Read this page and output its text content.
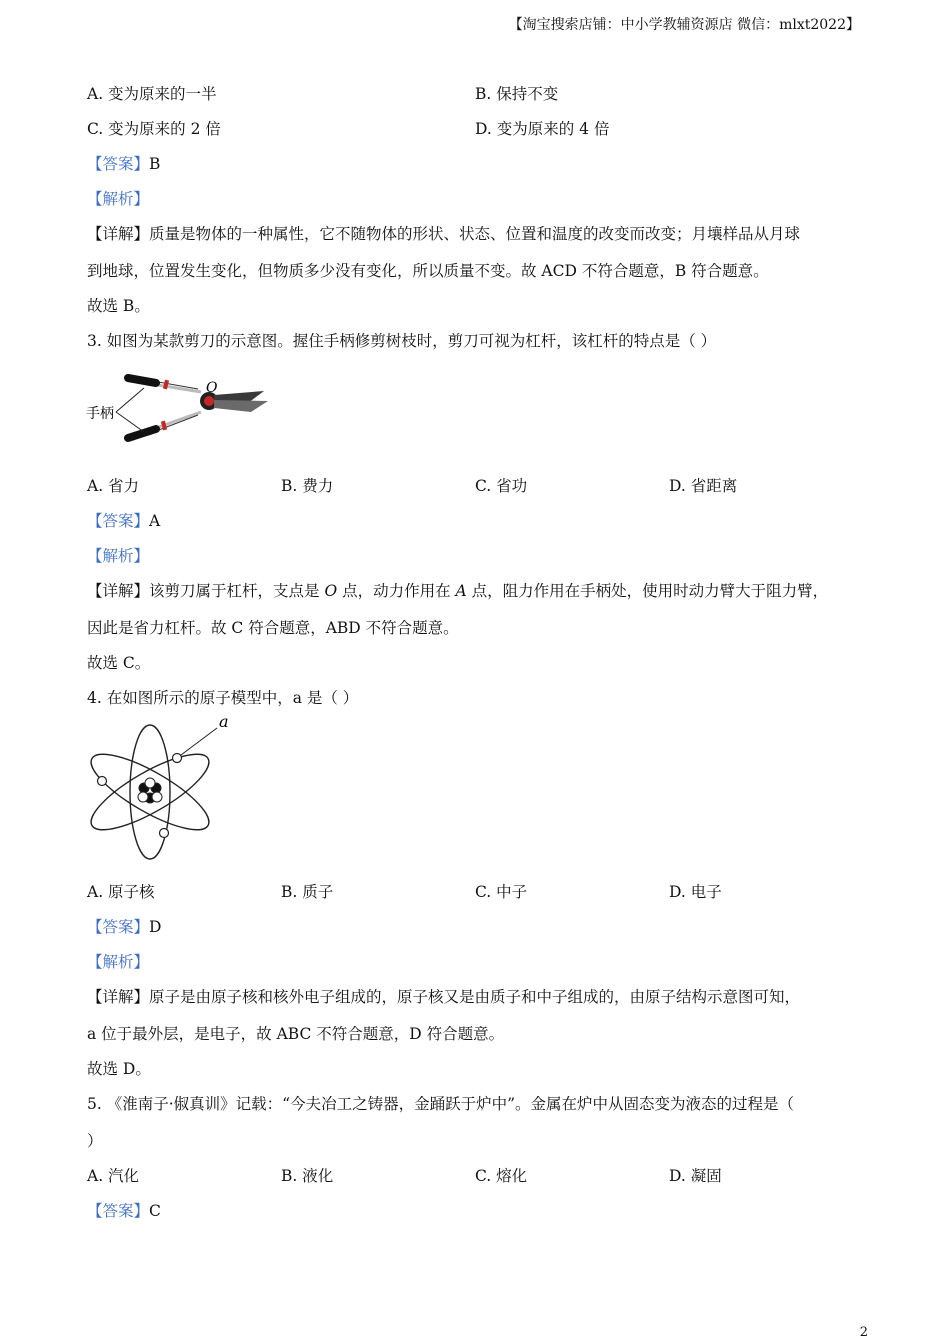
【淘宝搜索店铺：中小学教辅资源店 微信：mlxt2022】
A. 变为原来的一半	B. 保持不变
C. 变为原来的 2 倍	D. 变为原来的 4 倍
【答案】B
【解析】
【详解】质量是物体的一种属性，它不随物体的形状、状态、位置和温度的改变而改变；月壤样品从月球
到地球，位置发生变化，但物质多少没有变化，所以质量不变。故 ACD 不符合题意，B 符合题意。
故选 B。
3. 如图为某款剪刀的示意图。握住手柄修剪树枝时，剪刀可视为杠杆，该杠杆的特点是（ ）
O
手柄
A. 省力	B. 费力	C. 省功	D. 省距离
【答案】A
【解析】
【详解】该剪刀属于杠杆，支点是 O 点，动力作用在 A 点，阻力作用在手柄处，使用时动力臂大于阻力臂，
因此是省力杠杆。故 C 符合题意，ABD 不符合题意。
故选 C。
4. 在如图所示的原子模型中，a 是（ ）
a
A. 原子核	B. 质子	C. 中子	D. 电子
【答案】D
【解析】
【详解】原子是由原子核和核外电子组成的，原子核又是由质子和中子组成的，由原子结构示意图可知，
a 位于最外层，是电子，故 ABC 不符合题意，D 符合题意。
故选 D。
5. 《淮南子·俶真训》记载：“今夫冶工之铸器，金踊跃于炉中”。金属在炉中从固态变为液态的过程是（
）
A. 汽化	B. 液化	C. 熔化	D. 凝固
【答案】C
2
